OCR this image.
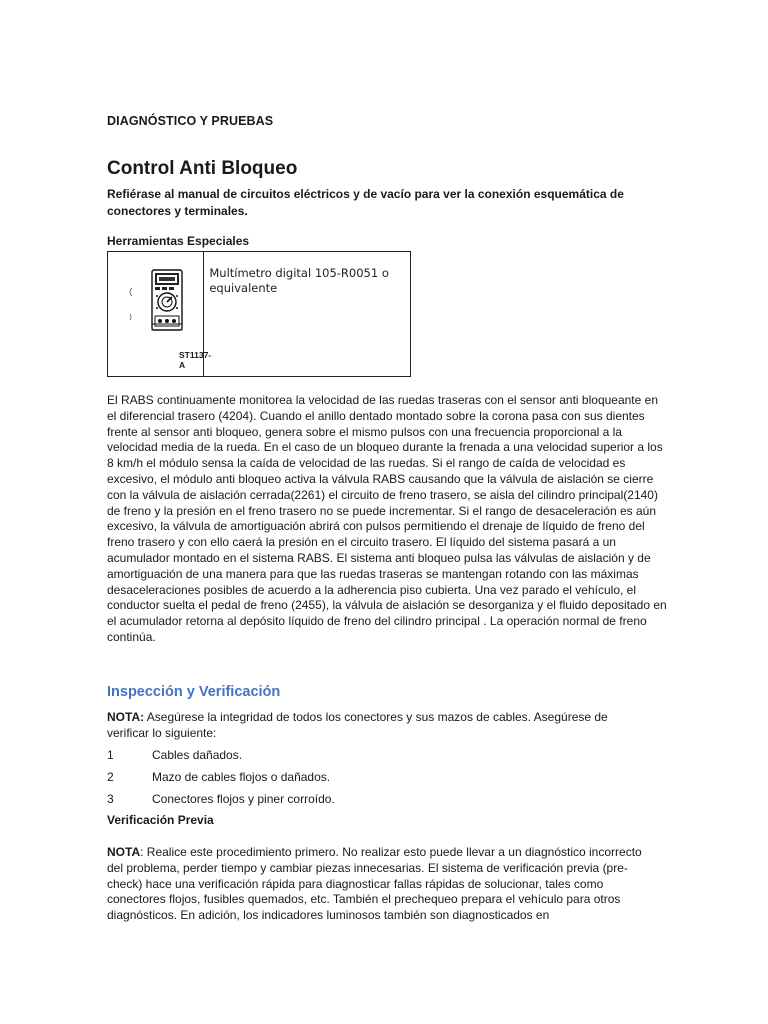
DIAGNÓSTICO Y PRUEBAS
Control Anti Bloqueo

Refiérase al manual de circuitos eléctricos y de vacío para ver la conexión esquemática de conectores y terminales.

Herramientas Especiales
ST1137-A
Multímetro digital 105-R0051 o equivalente

El RABS continuamente monitorea la velocidad de las ruedas traseras con el sensor anti bloqueante en el diferencial trasero (4204). Cuando el anillo dentado montado sobre la corona pasa con sus dientes frente al sensor anti bloqueo, genera sobre el mismo pulsos con una frecuencia proporcional a la velocidad media de la rueda. En el caso de un bloqueo durante la frenada a una velocidad superior a los 8 km/h el módulo sensa la caída de velocidad de las ruedas. Si el rango de caída de velocidad es excesivo, el módulo anti bloqueo activa la válvula RABS causando que la válvula de aislación se cierre con la válvula de aislación cerrada(2261) el circuito de freno trasero, se aisla del cilindro principal(2140) de freno y la presión en el freno trasero no se puede incrementar. Si el rango de desaceleración es aún excesivo, la válvula de amortiguación abrirá con pulsos permitiendo el drenaje de líquido de freno del freno trasero y con ello caerá la presión en el circuito trasero. El líquido del sistema pasará a un acumulador montado en el sistema RABS. El sistema anti bloqueo pulsa las válvulas de aislación y de amortiguación de una manera para que las ruedas traseras se mantengan rotando con las máximas desaceleraciones posibles de acuerdo a la adherencia piso cubierta. Una vez parado el vehículo, el conductor suelta el pedal de freno (2455), la válvula de aislación se desorganiza y el fluido depositado en el acumulador retorna al depósito líquido de freno del cilindro principal . La operación normal de freno continúa.

Inspección y Verificación

NOTA: Asegúrese la integridad de todos los conectores y sus mazos de cables. Asegúrese de verificar lo siguiente:

1	Cables dañados.
2	Mazo de cables flojos o dañados.
3	Conectores flojos y piner corroído.
Verificación Previa

NOTA: Realice este procedimiento primero. No realizar esto puede llevar a un diagnóstico incorrecto del problema, perder tiempo y cambiar piezas innecesarias. El sistema de verificación previa (pre-check) hace una verificación rápida para diagnosticar fallas rápidas de solucionar, tales como conectores flojos, fusibles quemados, etc. También el prechequeo prepara el vehículo para otros diagnósticos. En adición, los indicadores luminosos también son diagnosticados en
